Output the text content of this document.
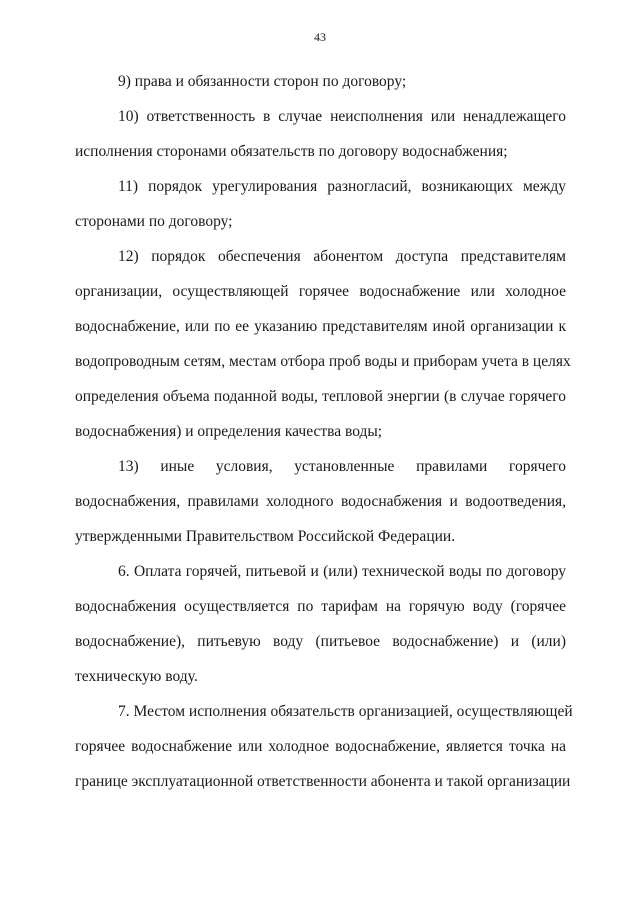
43
9) права и обязанности сторон по договору;
10) ответственность в случае неисполнения или ненадлежащего
исполнения сторонами обязательств по договору водоснабжения;
11) порядок урегулирования разногласий, возникающих между
сторонами по договору;
12) порядок обеспечения абонентом доступа представителям
организации, осуществляющей горячее водоснабжение или холодное
водоснабжение, или по ее указанию представителям иной организации к
водопроводным сетям, местам отбора проб воды и приборам учета в целях
определения объема поданной воды, тепловой энергии (в случае горячего
водоснабжения) и определения качества воды;
13) иные условия, установленные правилами горячего
водоснабжения, правилами холодного водоснабжения и водоотведения,
утвержденными Правительством Российской Федерации.
6. Оплата горячей, питьевой и (или) технической воды по договору
водоснабжения осуществляется по тарифам на горячую воду (горячее
водоснабжение), питьевую воду (питьевое водоснабжение) и (или)
техническую воду.
7. Местом исполнения обязательств организацией, осуществляющей
горячее водоснабжение или холодное водоснабжение, является точка на
границе эксплуатационной ответственности абонента и такой организации
